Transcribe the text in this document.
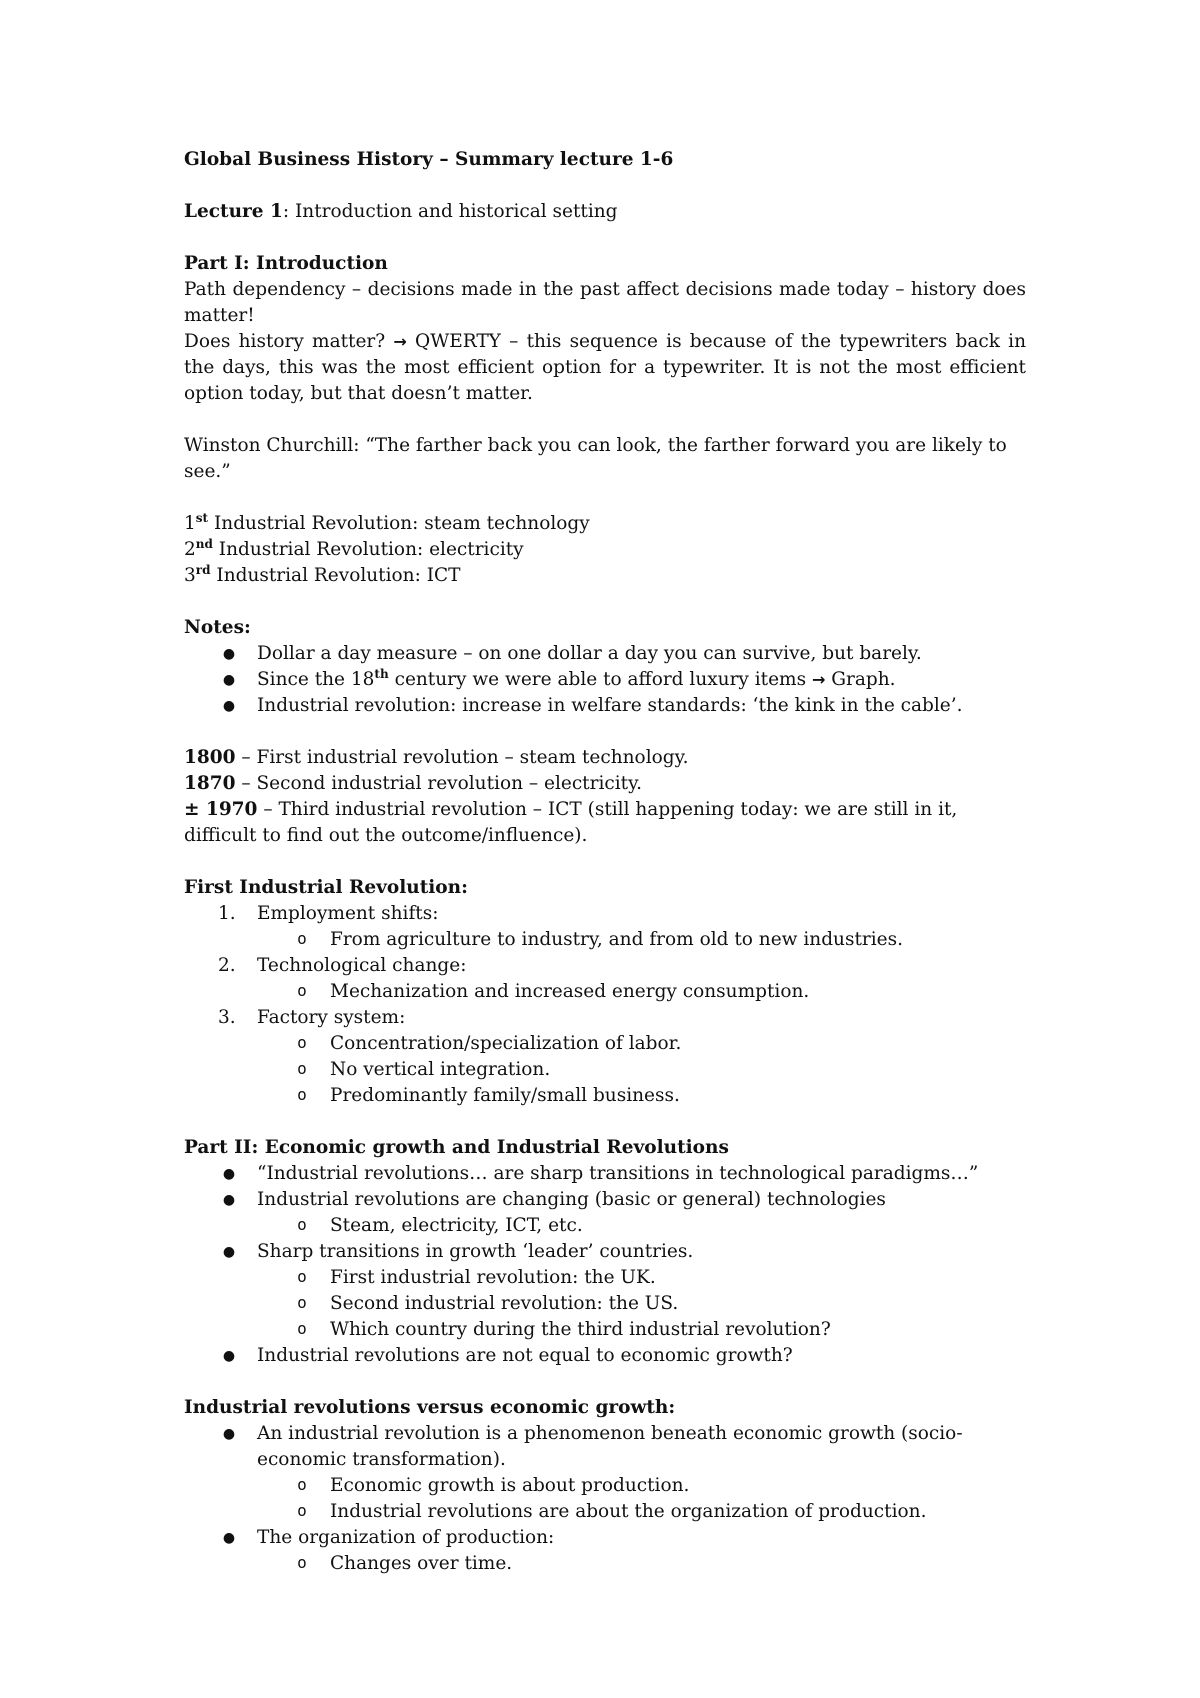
Global Business History – Summary lecture 1-6

Lecture 1: Introduction and historical setting

Part I: Introduction

Path dependency – decisions made in the past affect decisions made today – history does matter!

Does history matter? → QWERTY – this sequence is because of the typewriters back in the days, this was the most efficient option for a typewriter. It is not the most efficient option today, but that doesn’t matter.

Winston Churchill: “The farther back you can look, the farther forward you are likely to see.”

1st Industrial Revolution: steam technology

2nd Industrial Revolution: electricity

3rd Industrial Revolution: ICT

Notes:

●	Dollar a day measure – on one dollar a day you can survive, but barely.
●	Since the 18th century we were able to afford luxury items → Graph.
●	Industrial revolution: increase in welfare standards: ‘the kink in the cable’.

1800 – First industrial revolution – steam technology.

1870 – Second industrial revolution – electricity.

± 1970 – Third industrial revolution – ICT (still happening today: we are still in it, difficult to find out the outcome/influence).

First Industrial Revolution:

1.	Employment shifts:
o	From agriculture to industry, and from old to new industries.
2.	Technological change:
o	Mechanization and increased energy consumption.
3.	Factory system:
o	Concentration/specialization of labor.
o	No vertical integration.
o	Predominantly family/small business.

Part II: Economic growth and Industrial Revolutions

●	“Industrial revolutions… are sharp transitions in technological paradigms…”
●	Industrial revolutions are changing (basic or general) technologies
o	Steam, electricity, ICT, etc.
●	Sharp transitions in growth ‘leader’ countries.
o	First industrial revolution: the UK.
o	Second industrial revolution: the US.
o	Which country during the third industrial revolution?
●	Industrial revolutions are not equal to economic growth?

Industrial revolutions versus economic growth:

●	An industrial revolution is a phenomenon beneath economic growth (socio-economic transformation).
o	Economic growth is about production.
o	Industrial revolutions are about the organization of production.
●	The organization of production:
o	Changes over time.
